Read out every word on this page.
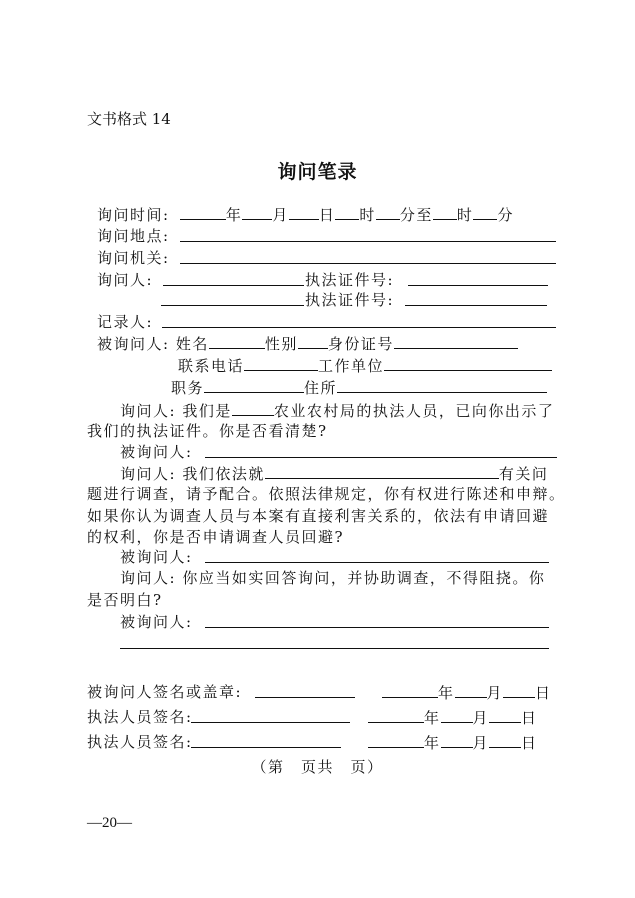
文书格式 14
询问笔录
询问时间:	年 月 日 时 分至 时 分
询问地点:
询问机关:
询问人:	执法证件号:
执法证件号:
记录人:
被询问人: 姓名	性别 身份证号
联系电话	工作单位
职务	住所
询问人: 我们是	农业农村局的执法人员，已向你出示了
我们的执法证件。你是否看清楚?
被询问人:
询问人: 我们依法就	有关问
题进行调查，请予配合。依照法律规定，你有权进行陈述和申辩。
如果你认为调查人员与本案有直接利害关系的，依法有申请回避
的权利，你是否申请调查人员回避?
被询问人:
询问人: 你应当如实回答询问，并协助调查，不得阻挠。你
是否明白?
被询问人:
被询问人签名或盖章:	年 月 日
执法人员签名:	年 月 日
执法人员签名:	年 月 日
（第　页共　页）
—20—
